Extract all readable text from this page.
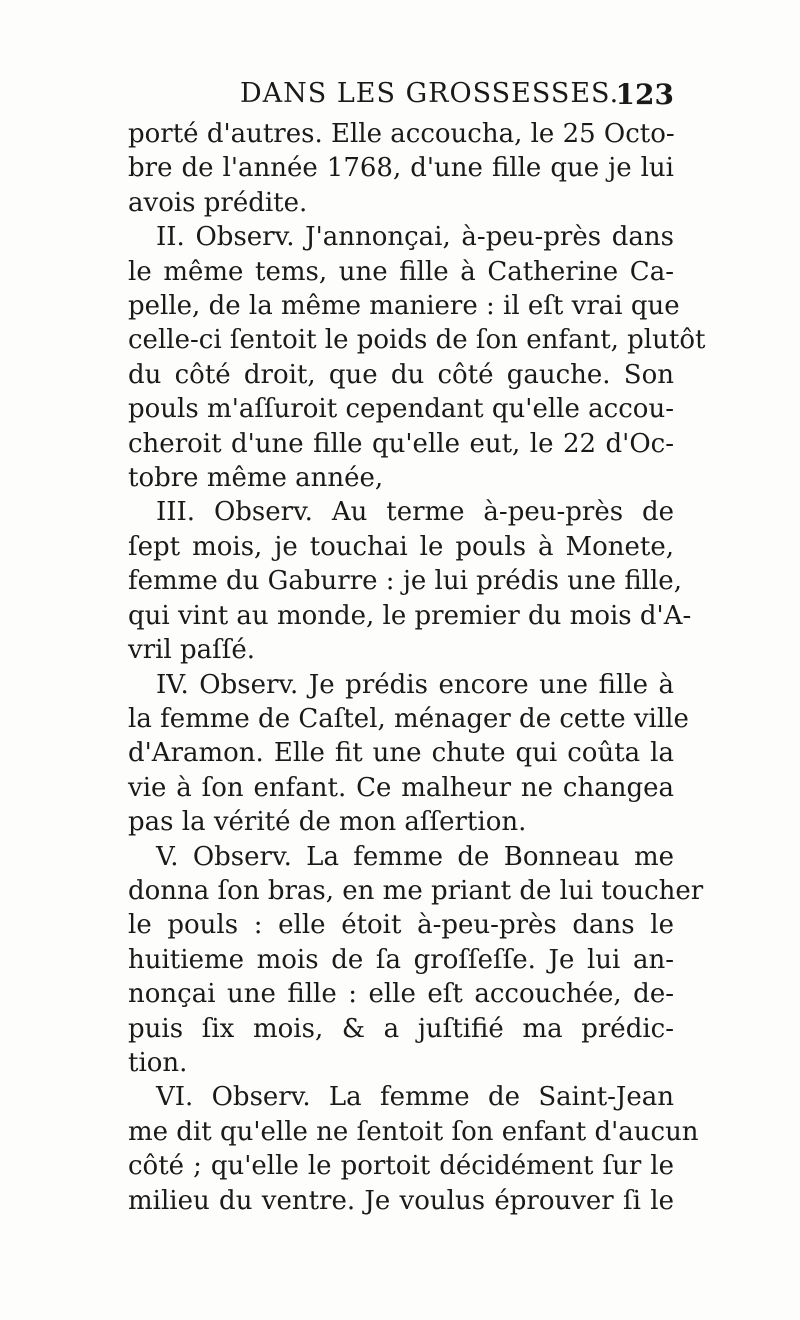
DANS LES GROSSESSES.
123
porté d'autres. Elle accoucha, le 25 Octo-
bre de l'année 1768, d'une fille que je lui
avois prédite.
II. Observ. J'annonçai, à-peu-près dans
le même tems, une fille à Catherine Ca-
pelle, de la même maniere : il eſt vrai que
celle-ci ſentoit le poids de ſon enfant, plutôt
du côté droit, que du côté gauche. Son
pouls m'aſſuroit cependant qu'elle accou-
cheroit d'une fille qu'elle eut, le 22 d'Oc-
tobre même année,
III. Observ. Au terme à-peu-près de
ſept mois, je touchai le pouls à Monete,
femme du Gaburre : je lui prédis une fille,
qui vint au monde, le premier du mois d'A-
vril paſſé.
IV. Observ. Je prédis encore une fille à
la femme de Caſtel, ménager de cette ville
d'Aramon. Elle fit une chute qui coûta la
vie à ſon enfant. Ce malheur ne changea
pas la vérité de mon aſſertion.
V. Observ. La femme de Bonneau me
donna ſon bras, en me priant de lui toucher
le pouls : elle étoit à-peu-près dans le
huitieme mois de ſa groſſeſſe. Je lui an-
nonçai une fille : elle eſt accouchée, de-
puis ſix mois, & a juſtifié ma prédic-
tion.
VI. Observ. La femme de Saint-Jean
me dit qu'elle ne ſentoit ſon enfant d'aucun
côté ; qu'elle le portoit décidément ſur le
milieu du ventre. Je voulus éprouver ſi le
